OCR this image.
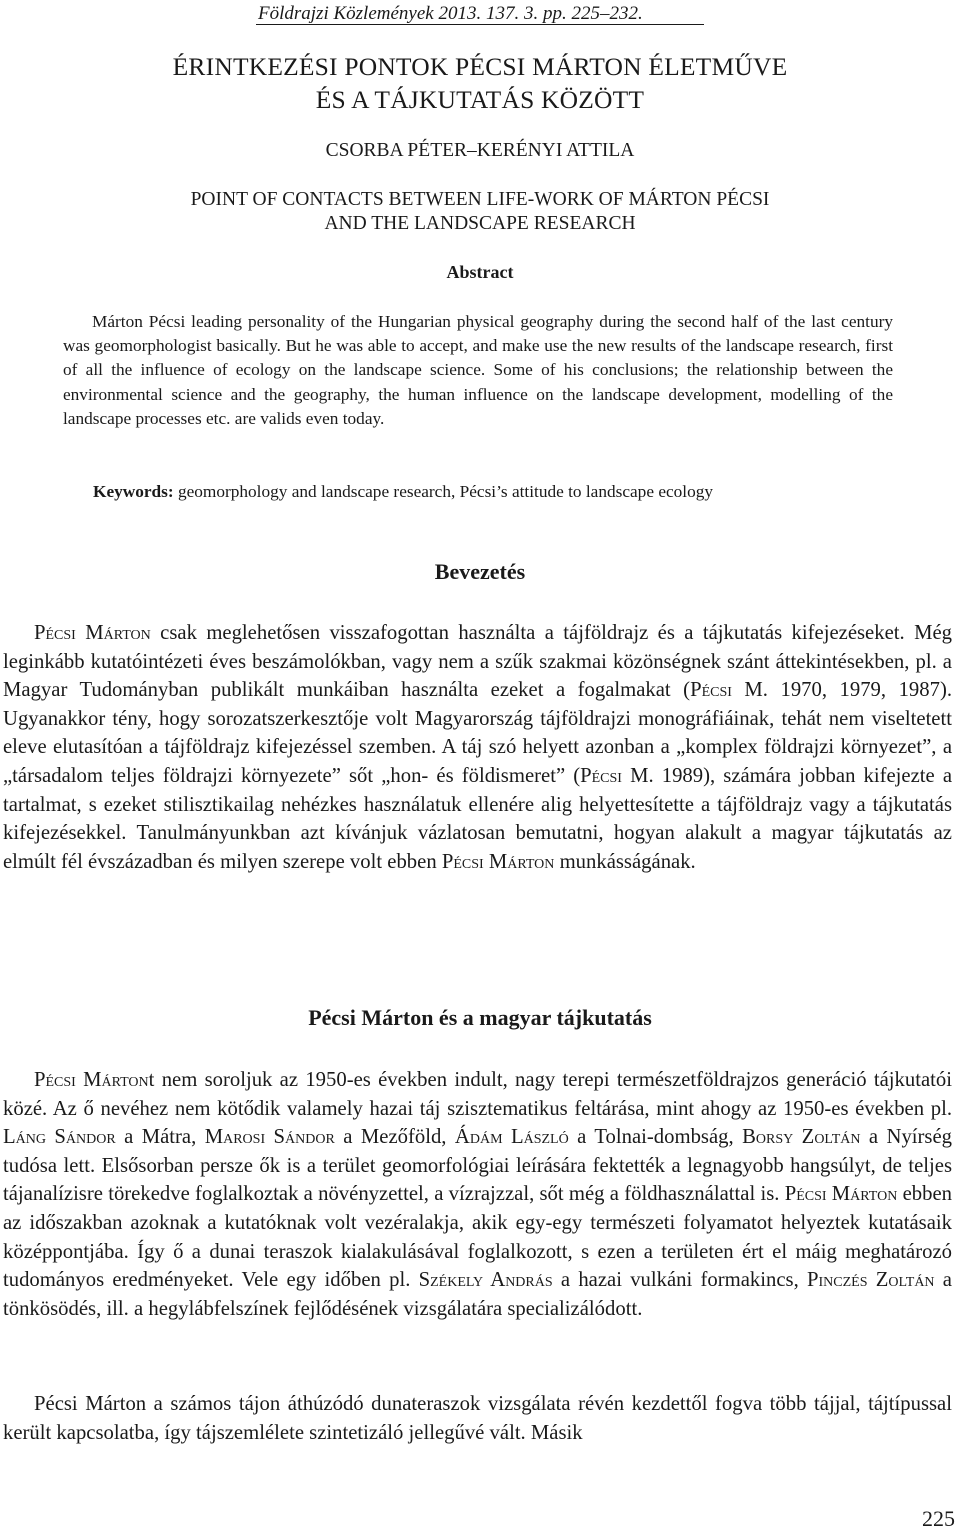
Földrajzi Közlemények 2013. 137. 3. pp. 225–232.
ÉRINTKEZÉSI PONTOK PÉCSI MÁRTON ÉLETMŰVE
ÉS A TÁJKUTATÁS KÖZÖTT
CSORBA PÉTER–KERÉNYI ATTILA
POINT OF CONTACTS BETWEEN LIFE-WORK OF MÁRTON PÉCSI
AND THE LANDSCAPE RESEARCH
Abstract

Márton Pécsi leading personality of the Hungarian physical geography during the second half of the last century was geomorphologist basically. But he was able to accept, and make use the new results of the landscape research, first of all the influence of ecology on the landscape science. Some of his conclusions; the relationship between the environmental science and the geography, the human influence on the landscape development, modelling of the landscape processes etc. are valids even today.

Keywords: geomorphology and landscape research, Pécsi’s attitude to landscape ecology
Bevezetés

Pécsi Márton csak meglehetősen visszafogottan használta a tájföldrajz és a tájkutatás kifejezéseket. Még leginkább kutatóintézeti éves beszámolókban, vagy nem a szűk szakmai közönségnek szánt áttekintésekben, pl. a Magyar Tudományban publikált munkáiban használta ezeket a fogalmakat (Pécsi M. 1970, 1979, 1987). Ugyanakkor tény, hogy sorozatszerkesztője volt Magyarország tájföldrajzi monográfiáinak, tehát nem viseltetett eleve elutasítóan a tájföldrajz kifejezéssel szemben. A táj szó helyett azonban a „komplex földrajzi környezet”, a „társadalom teljes földrajzi környezete” sőt „hon- és földismeret” (Pécsi M. 1989), számára jobban kifejezte a tartalmat, s ezeket stilisztikailag nehézkes használatuk ellenére alig helyettesítette a tájföldrajz vagy a tájkutatás kifejezésekkel. Tanulmányunkban azt kívánjuk vázlatosan bemutatni, hogyan alakult a magyar tájkutatás az elmúlt fél évszázadban és milyen szerepe volt ebben Pécsi Márton munkásságának.

Pécsi Márton és a magyar tájkutatás

Pécsi Mártont nem soroljuk az 1950-es években indult, nagy terepi természetföldrajzos generáció tájkutatói közé. Az ő nevéhez nem kötődik valamely hazai táj szisztematikus feltárása, mint ahogy az 1950-es években pl. Láng Sándor a Mátra, Marosi Sándor a Mezőföld, Ádám László a Tolnai-dombság, Borsy Zoltán a Nyírség tudósa lett. Elsősorban persze ők is a terület geomorfológiai leírására fektették a legnagyobb hangsúlyt, de teljes tájanalízisre törekedve foglalkoztak a növényzettel, a vízrajzzal, sőt még a földhasználattal is. Pécsi Márton ebben az időszakban azoknak a kutatóknak volt vezéralakja, akik egy-egy természeti folyamatot helyeztek kutatásaik középpontjába. Így ő a dunai teraszok kialakulásával foglalkozott, s ezen a területen ért el máig meghatározó tudományos eredményeket. Vele egy időben pl. Székely András a hazai vulkáni formakincs, Pinczés Zoltán a tönkösödés, ill. a hegylábfelszínek fejlődésének vizsgálatára specializálódott.

Pécsi Márton a számos tájon áthúzódó dunateraszok vizsgálata révén kezdettől fogva több tájjal, tájtípussal került kapcsolatba, így tájszemlélete szintetizáló jellegűvé vált. Másik

225
